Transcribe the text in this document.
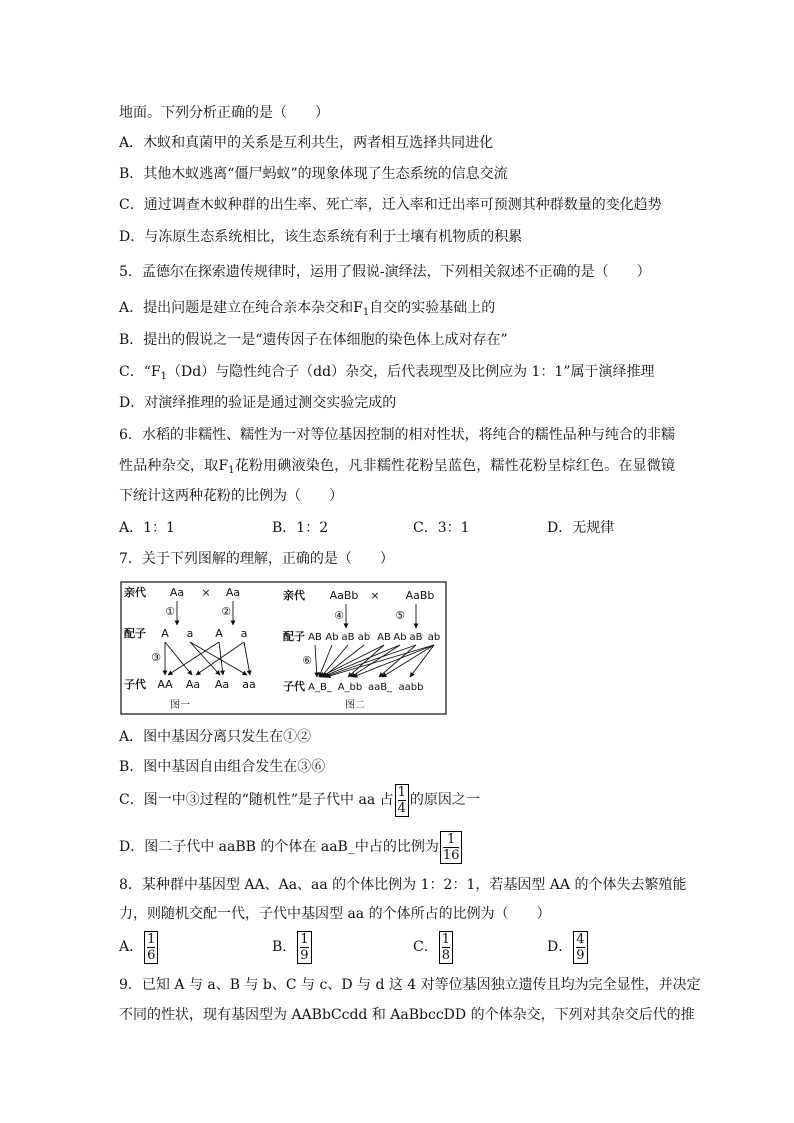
地面。下列分析正确的是（　　）
A．木蚁和真菌甲的关系是互利共生，两者相互选择共同进化
B．其他木蚁逃离“僵尸蚂蚁”的现象体现了生态系统的信息交流
C．通过调查木蚁种群的出生率、死亡率，迁入率和迁出率可预测其种群数量的变化趋势
D．与冻原生态系统相比，该生态系统有利于土壤有机物质的积累
5．孟德尔在探索遗传规律时，运用了假说-演绎法，下列相关叙述不正确的是（　　）
A．提出问题是建立在纯合亲本杂交和$F_1$自交的实验基础上的
B．提出的假说之一是“遗传因子在体细胞的染色体上成对存在”
C．“$F_1(Dd)$与隐性纯合子（dd）杂交，后代表现型及比例应为 1：1”属于演绎推理
D．对演绎推理的验证是通过测交实验完成的
6．水稻的非糯性、糯性为一对等位基因控制的相对性状，将纯合的糯性品种与纯合的非糯
性品种杂交，取$F_1$花粉用碘液染色，凡非糯性花粉呈蓝色，糯性花粉呈棕红色。在显微镜
下统计这两种花粉的比例为（　　）
A．1：1	B．1：2	C．3：1	D．无规律
7．关于下列图解的理解，正确的是（　　）
亲代 Aa × Aa
①	②
配子 A a A a
③
子代 AA Aa Aa aa
图一
亲代 AaBb × AaBb
④	⑤
配子 AB Ab aB ab AB Ab aB ab
⑥
子代 A_B_ A_bb aaB_ aabb
图二
A．图中基因分离只发生在①②
B．图中基因自由组合发生在③⑥
C．图一中③过程的“随机性”是子代中 aa 占 $\frac{1}{4}$ 的原因之一
D．图二子代中 aaBB 的个体在 aaB_中占的比例为 $\frac{1}{16}$
8．某种群中基因型 AA、Aa、aa 的个体比例为 1：2：1，若基因型 AA 的个体失去繁殖能
力，则随机交配一代，子代中基因型 aa 的个体所占的比例为（　　）
A． $\frac{1}{6}$	B． $\frac{1}{9}$	C． $\frac{1}{8}$	D． $\frac{4}{9}$
9．已知 A 与 a、B 与 b、C 与 c、D 与 d 这 4 对等位基因独立遗传且均为完全显性，并决定
不同的性状，现有基因型为 AABbCcdd 和 AaBbccDD 的个体杂交，下列对其杂交后代的推
